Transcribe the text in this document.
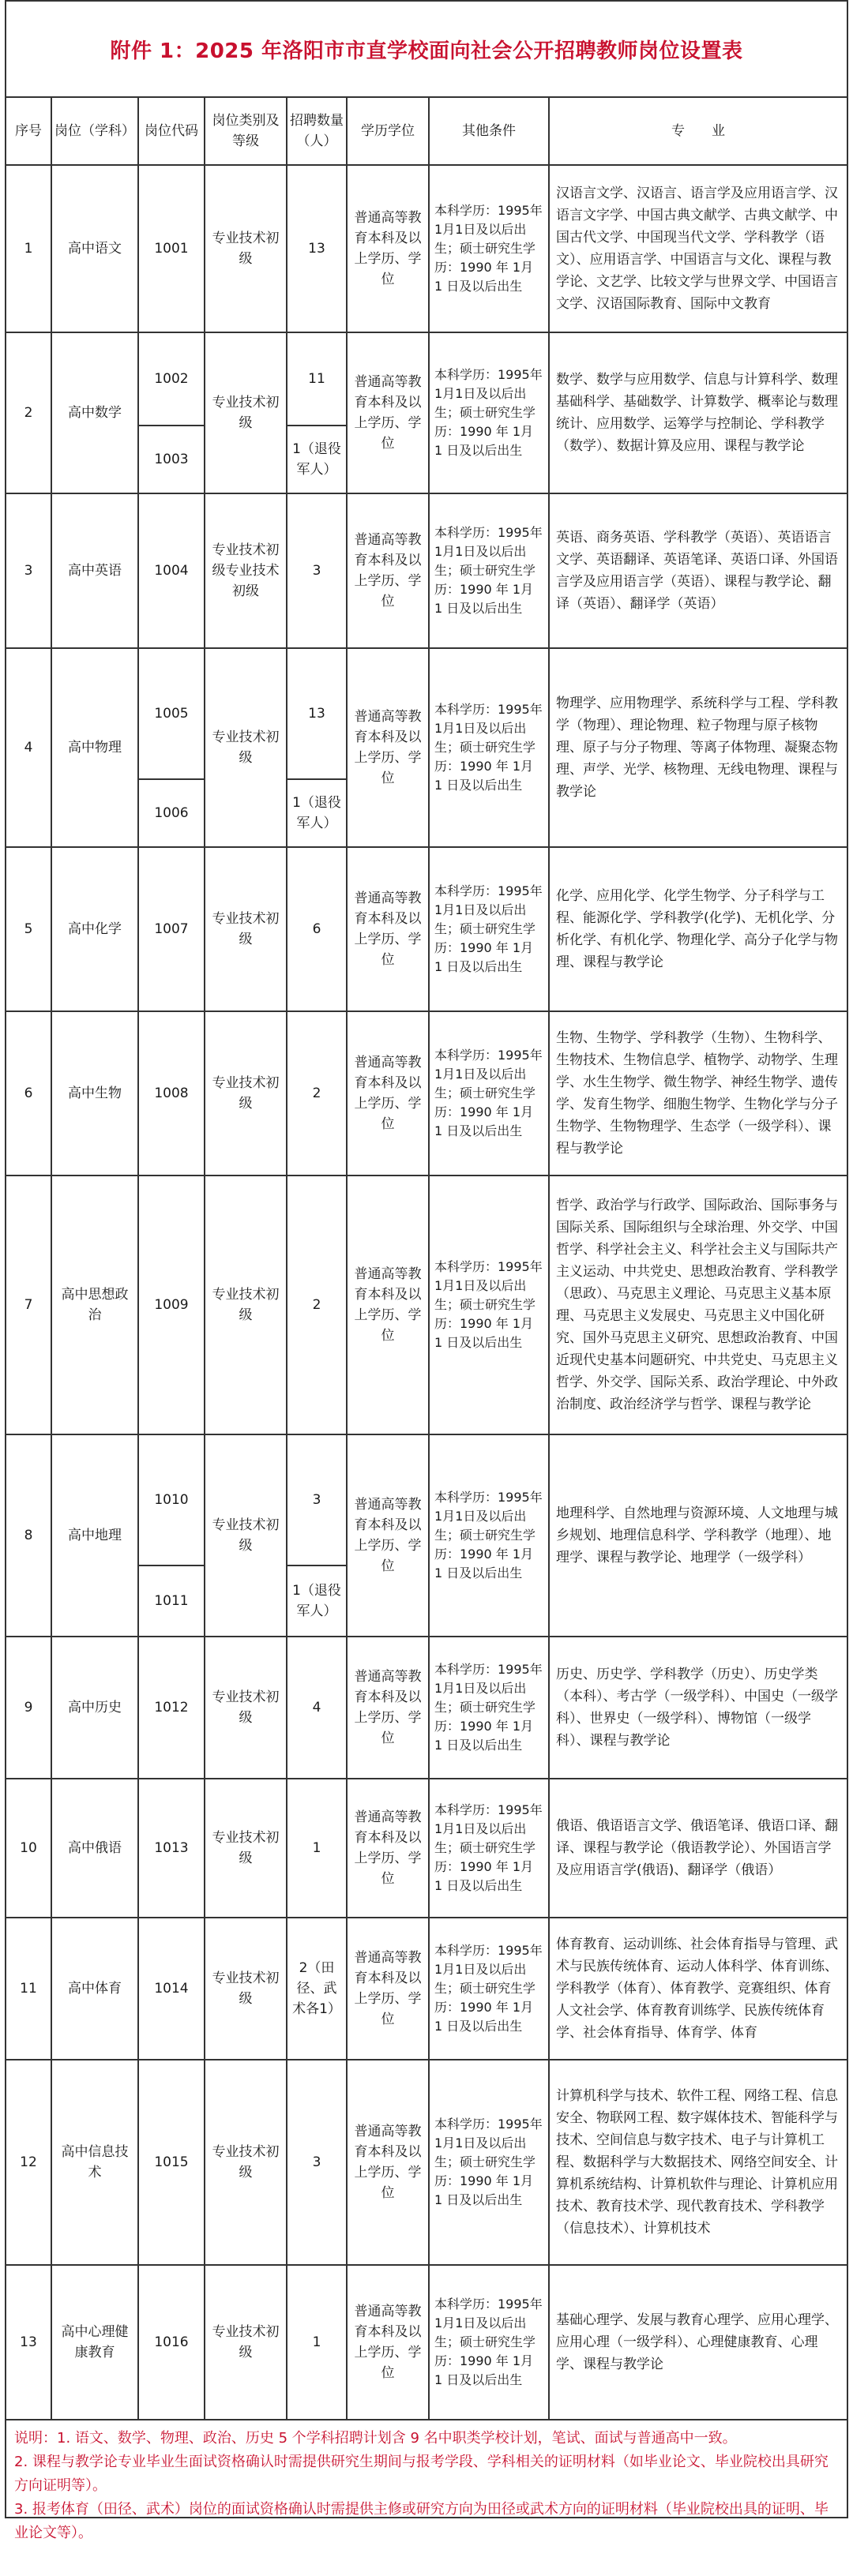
附件 1：2025 年洛阳市市直学校面向社会公开招聘教师岗位设置表
序号	岗位（学科）	岗位代码	岗位类别及等级	招聘数量（人）	学历学位	其他条件	专　　业
1	高中语文	1001	专业技术初级	13	普通高等教育本科及以上学历、学位	本科学历：1995年1月1日及以后出生；硕士研究生学历：1990 年 1月 1 日及以后出生	汉语言文学、汉语言、语言学及应用语言学、汉语言文字学、中国古典文献学、古典文献学、中国古代文学、中国现当代文学、学科教学（语文）、应用语言学、中国语言与文化、课程与教学论、文艺学、比较文学与世界文学、中国语言文学、汉语国际教育、国际中文教育
2	高中数学	1002	专业技术初级	11	普通高等教育本科及以上学历、学位	本科学历：1995年1月1日及以后出生；硕士研究生学历：1990 年 1月 1 日及以后出生	数学、数学与应用数学、信息与计算科学、数理基础科学、基础数学、计算数学、概率论与数理统计、应用数学、运筹学与控制论、学科教学（数学）、数据计算及应用、课程与教学论
		1003		1（退役军人）			
3	高中英语	1004	专业技术初级专业技术初级	3	普通高等教育本科及以上学历、学位	本科学历：1995年1月1日及以后出生；硕士研究生学历：1990 年 1月 1 日及以后出生	英语、商务英语、学科教学（英语）、英语语言文学、英语翻译、英语笔译、英语口译、外国语言学及应用语言学（英语）、课程与教学论、翻译（英语）、翻译学（英语）
4	高中物理	1005	专业技术初级	13	普通高等教育本科及以上学历、学位	本科学历：1995年1月1日及以后出生；硕士研究生学历：1990 年 1月 1 日及以后出生	物理学、应用物理学、系统科学与工程、学科教学（物理）、理论物理、粒子物理与原子核物理、原子与分子物理、等离子体物理、凝聚态物理、声学、光学、核物理、无线电物理、课程与教学论
		1006		1（退役军人）			
5	高中化学	1007	专业技术初级	6	普通高等教育本科及以上学历、学位	本科学历：1995年1月1日及以后出生；硕士研究生学历：1990 年 1月 1 日及以后出生	化学、应用化学、化学生物学、分子科学与工程、能源化学、学科教学(化学)、无机化学、分析化学、有机化学、物理化学、高分子化学与物理、课程与教学论
6	高中生物	1008	专业技术初级	2	普通高等教育本科及以上学历、学位	本科学历：1995年1月1日及以后出生；硕士研究生学历：1990 年 1月 1 日及以后出生	生物、生物学、学科教学（生物）、生物科学、生物技术、生物信息学、植物学、动物学、生理学、水生生物学、微生物学、神经生物学、遗传学、发育生物学、细胞生物学、生物化学与分子生物学、生物物理学、生态学（一级学科）、课程与教学论
7	高中思想政治	1009	专业技术初级	2	普通高等教育本科及以上学历、学位	本科学历：1995年1月1日及以后出生；硕士研究生学历：1990 年 1月 1 日及以后出生	哲学、政治学与行政学、国际政治、国际事务与国际关系、国际组织与全球治理、外交学、中国哲学、科学社会主义、科学社会主义与国际共产主义运动、中共党史、思想政治教育、学科教学（思政）、马克思主义理论、马克思主义基本原理、马克思主义发展史、马克思主义中国化研究、国外马克思主义研究、思想政治教育、中国近现代史基本问题研究、中共党史、马克思主义哲学、外交学、国际关系、政治学理论、中外政治制度、政治经济学与哲学、课程与教学论
8	高中地理	1010	专业技术初级	3	普通高等教育本科及以上学历、学位	本科学历：1995年1月1日及以后出生；硕士研究生学历：1990 年 1月 1 日及以后出生	地理科学、自然地理与资源环境、人文地理与城乡规划、地理信息科学、学科教学（地理）、地理学、课程与教学论、地理学（一级学科）
		1011		1（退役军人）			
9	高中历史	1012	专业技术初级	4	普通高等教育本科及以上学历、学位	本科学历：1995年1月1日及以后出生；硕士研究生学历：1990 年 1月 1 日及以后出生	历史、历史学、学科教学（历史）、历史学类（本科）、考古学（一级学科）、中国史（一级学科）、世界史（一级学科）、博物馆（一级学科）、课程与教学论
10	高中俄语	1013	专业技术初级	1	普通高等教育本科及以上学历、学位	本科学历：1995年1月1日及以后出生；硕士研究生学历：1990 年 1月 1 日及以后出生	俄语、俄语语言文学、俄语笔译、俄语口译、翻译、课程与教学论（俄语教学论）、外国语言学及应用语言学(俄语)、翻译学（俄语）
11	高中体育	1014	专业技术初级	2（田径、武术各1）	普通高等教育本科及以上学历、学位	本科学历：1995年1月1日及以后出生；硕士研究生学历：1990 年 1月 1 日及以后出生	体育教育、运动训练、社会体育指导与管理、武术与民族传统体育、运动人体科学、体育训练、学科教学（体育）、体育教学、竞赛组织、体育人文社会学、体育教育训练学、民族传统体育学、社会体育指导、体育学、体育
12	高中信息技术	1015	专业技术初级	3	普通高等教育本科及以上学历、学位	本科学历：1995年1月1日及以后出生；硕士研究生学历：1990 年 1月 1 日及以后出生	计算机科学与技术、软件工程、网络工程、信息安全、物联网工程、数字媒体技术、智能科学与技术、空间信息与数字技术、电子与计算机工程、数据科学与大数据技术、网络空间安全、计算机系统结构、计算机软件与理论、计算机应用技术、教育技术学、现代教育技术、学科教学（信息技术）、计算机技术
13	高中心理健康教育	1016	专业技术初级	1	普通高等教育本科及以上学历、学位	本科学历：1995年1月1日及以后出生；硕士研究生学历：1990 年 1月 1 日及以后出生	基础心理学、发展与教育心理学、应用心理学、应用心理（一级学科）、心理健康教育、心理学、课程与教学论
说明：1. 语文、数学、物理、政治、历史 5 个学科招聘计划含 9 名中职类学校计划，笔试、面试与普通高中一致。
2. 课程与教学论专业毕业生面试资格确认时需提供研究生期间与报考学段、学科相关的证明材料（如毕业论文、毕业院校出具研究方向证明等）。
3. 报考体育（田径、武术）岗位的面试资格确认时需提供主修或研究方向为田径或武术方向的证明材料（毕业院校出具的证明、毕业论文等）。
